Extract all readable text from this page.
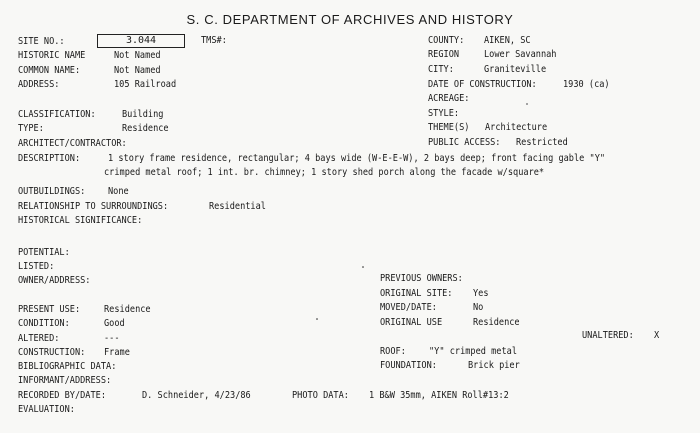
S. C. DEPARTMENT OF ARCHIVES AND HISTORY
SITE NO.:	3.044	TMS#:
HISTORIC NAME	Not Named
COMMON NAME:	Not Named
ADDRESS:	105 Railroad
CLASSIFICATION:	Building
TYPE:	Residence
ARCHITECT/CONTRACTOR:
DESCRIPTION:	1 story frame residence, rectangular; 4 bays wide (W-E-E-W), 2 bays deep; front facing gable "Y"
crimped metal roof; 1 int. br. chimney; 1 story shed porch along the facade w/square*
OUTBUILDINGS: None
RELATIONSHIP TO SURROUNDINGS:	Residential
HISTORICAL SIGNIFICANCE:
POTENTIAL:
LISTED:
OWNER/ADDRESS:
PRESENT USE: Residence
CONDITION:	Good
ALTERED:	---
CONSTRUCTION: Frame
BIBLIOGRAPHIC DATA:
INFORMANT/ADDRESS:
RECORDED BY/DATE:	D. Schneider, 4/23/86
EVALUATION:
COUNTY: AIKEN, SC
REGION Lower Savannah
CITY:	Graniteville
DATE OF CONSTRUCTION:	1930 (ca)
ACREAGE:
STYLE:
THEME(S) Architecture
PUBLIC ACCESS: Restricted
PREVIOUS OWNERS:
ORIGINAL SITE: Yes
MOVED/DATE:	No
ORIGINAL USE	Residence
UNALTERED: X
ROOF: "Y" crimped metal
FOUNDATION:	Brick pier
PHOTO DATA: 1 B&W 35mm, AIKEN Roll#13:2
